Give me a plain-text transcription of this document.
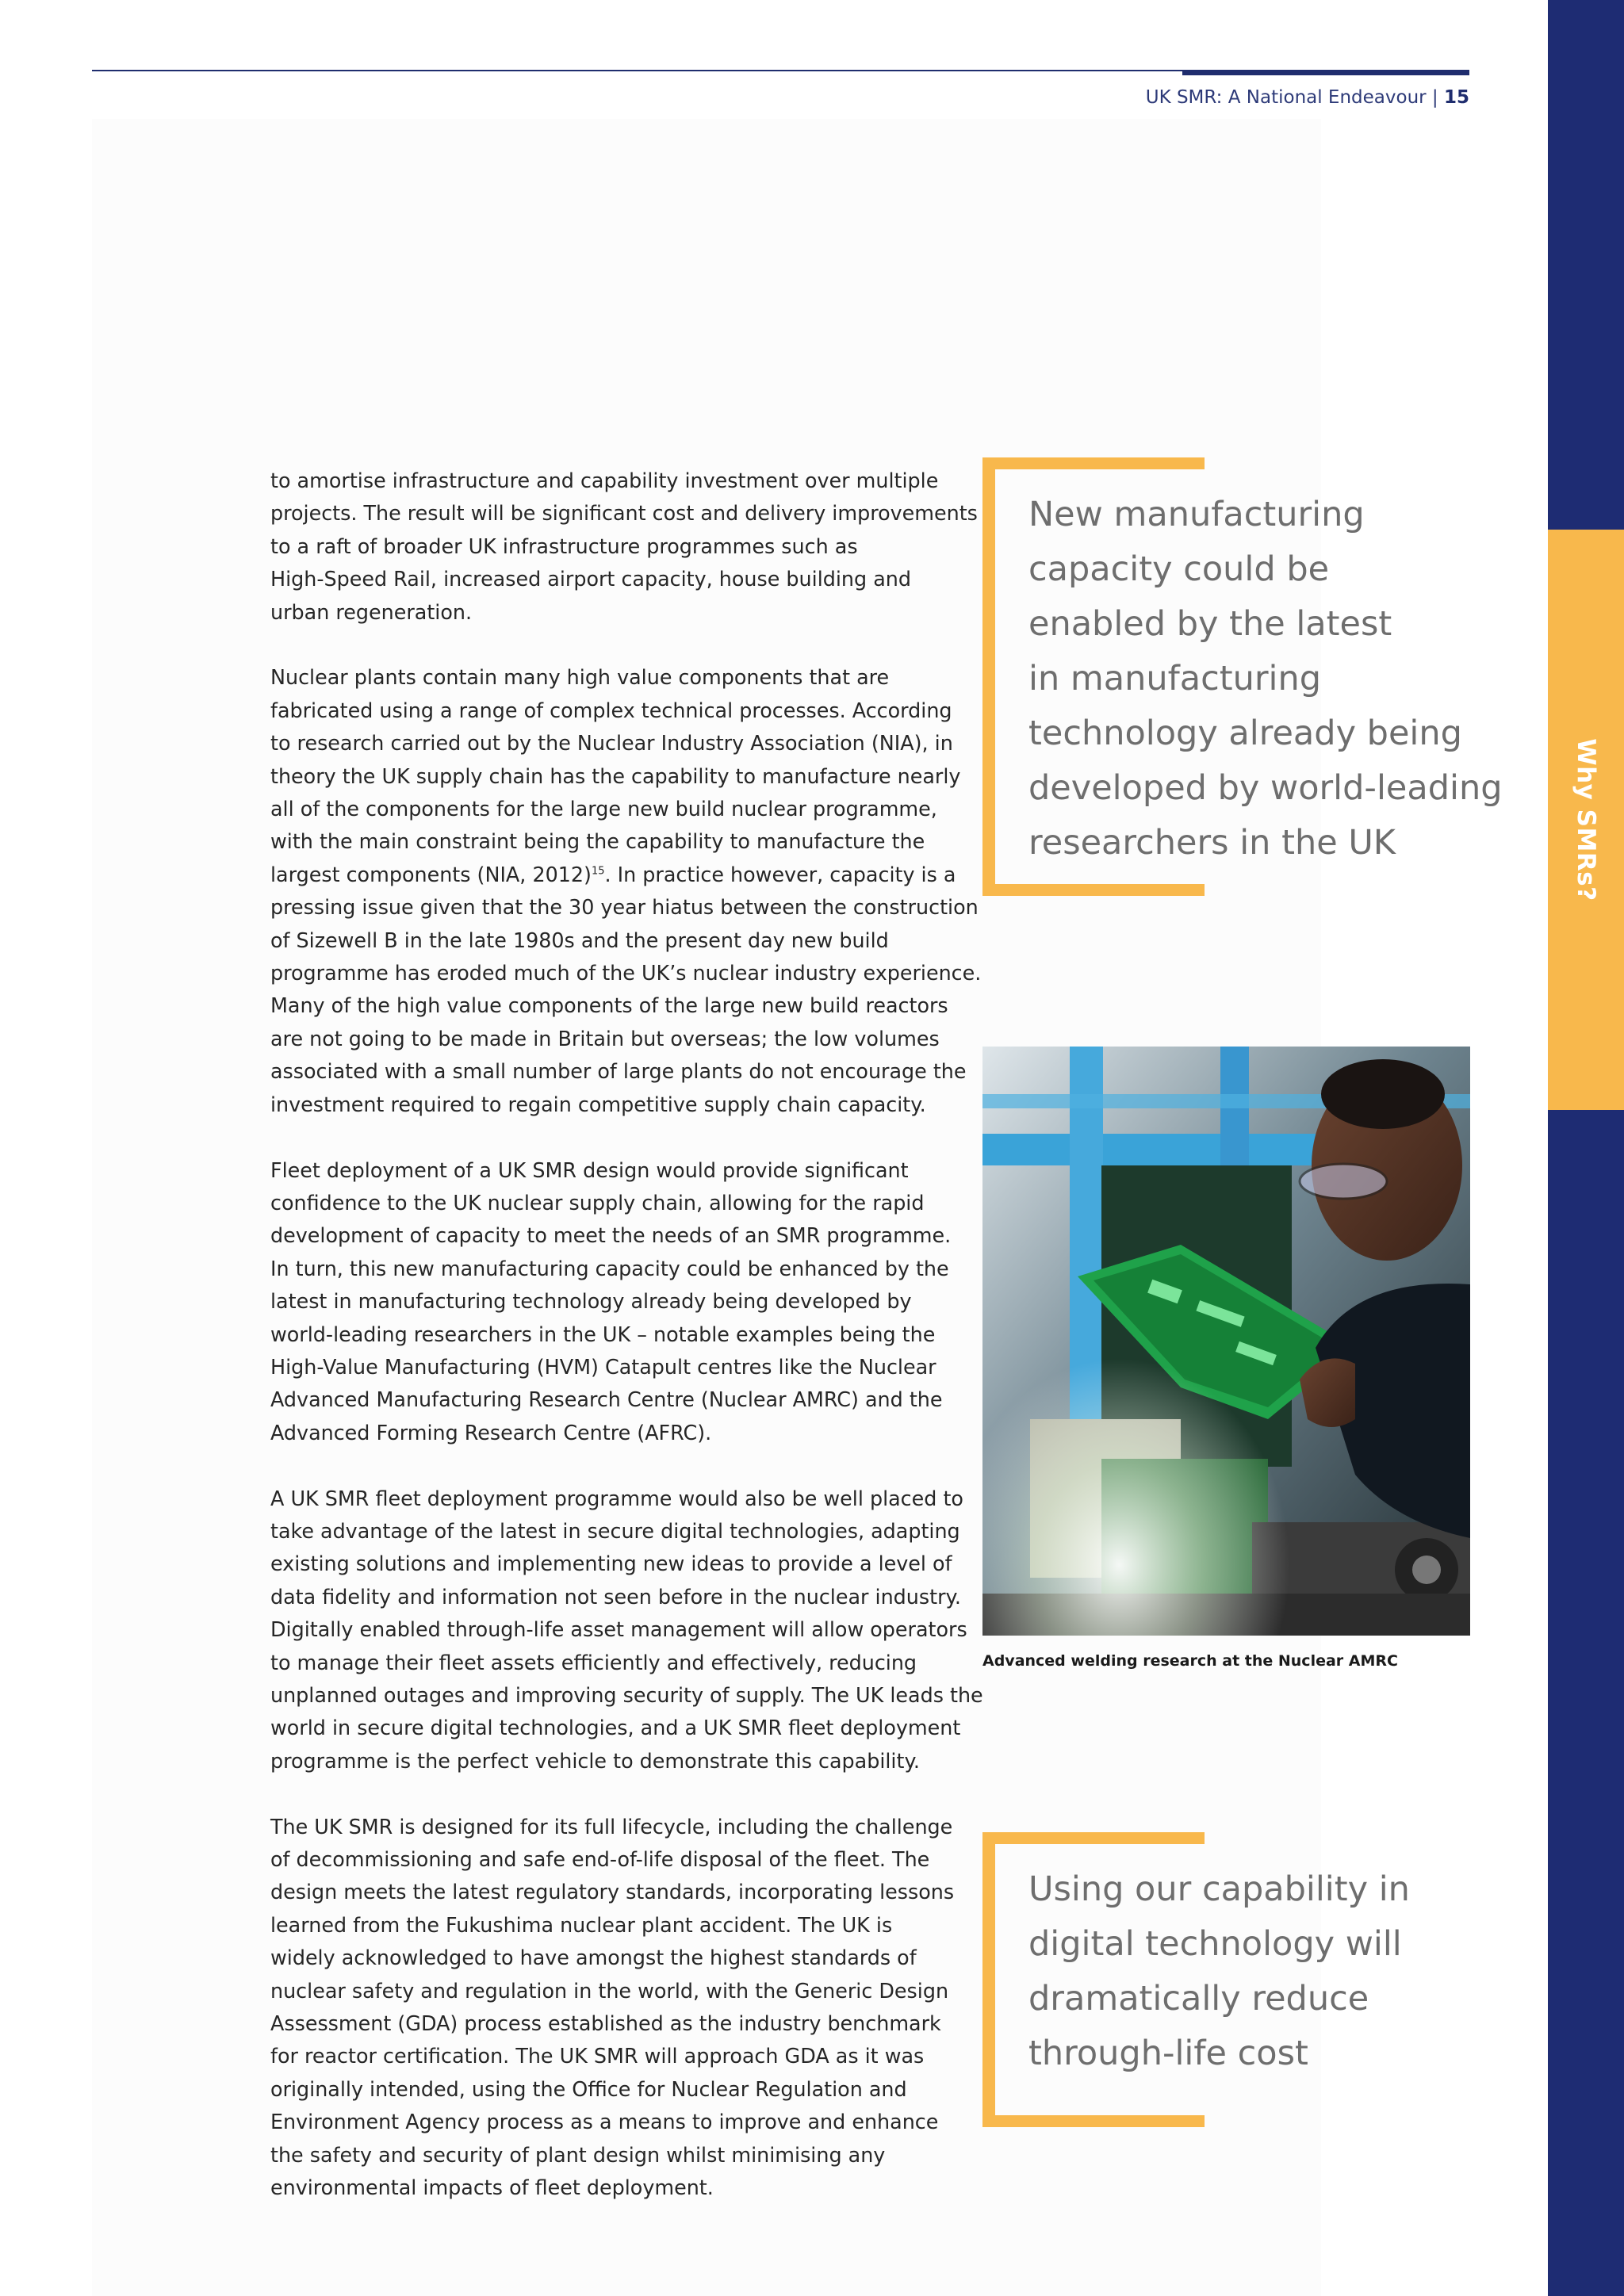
UK SMR: A National Endeavour | 15
Why SMRs?

to amortise infrastructure and capability investment over multiple
projects. The result will be significant cost and delivery improvements
to a raft of broader UK infrastructure programmes such as
High-Speed Rail, increased airport capacity, house building and
urban regeneration.

Nuclear plants contain many high value components that are
fabricated using a range of complex technical processes. According
to research carried out by the Nuclear Industry Association (NIA), in
theory the UK supply chain has the capability to manufacture nearly
all of the components for the large new build nuclear programme,
with the main constraint being the capability to manufacture the
largest components (NIA, 2012)$^{15}$. In practice however, capacity is a
pressing issue given that the 30 year hiatus between the construction
of Sizewell B in the late 1980s and the present day new build
programme has eroded much of the UK’s nuclear industry experience.
Many of the high value components of the large new build reactors
are not going to be made in Britain but overseas; the low volumes
associated with a small number of large plants do not encourage the
investment required to regain competitive supply chain capacity.

Fleet deployment of a UK SMR design would provide significant
confidence to the UK nuclear supply chain, allowing for the rapid
development of capacity to meet the needs of an SMR programme.
In turn, this new manufacturing capacity could be enhanced by the
latest in manufacturing technology already being developed by
world-leading researchers in the UK – notable examples being the
High-Value Manufacturing (HVM) Catapult centres like the Nuclear
Advanced Manufacturing Research Centre (Nuclear AMRC) and the
Advanced Forming Research Centre (AFRC).

A UK SMR fleet deployment programme would also be well placed to
take advantage of the latest in secure digital technologies, adapting
existing solutions and implementing new ideas to provide a level of
data fidelity and information not seen before in the nuclear industry.
Digitally enabled through-life asset management will allow operators
to manage their fleet assets efficiently and effectively, reducing
unplanned outages and improving security of supply. The UK leads the
world in secure digital technologies, and a UK SMR fleet deployment
programme is the perfect vehicle to demonstrate this capability.

The UK SMR is designed for its full lifecycle, including the challenge
of decommissioning and safe end-of-life disposal of the fleet. The
design meets the latest regulatory standards, incorporating lessons
learned from the Fukushima nuclear plant accident. The UK is
widely acknowledged to have amongst the highest standards of
nuclear safety and regulation in the world, with the Generic Design
Assessment (GDA) process established as the industry benchmark
for reactor certification. The UK SMR will approach GDA as it was
originally intended, using the Office for Nuclear Regulation and
Environment Agency process as a means to improve and enhance
the safety and security of plant design whilst minimising any
environmental impacts of fleet deployment.

New manufacturing
capacity could be
enabled by the latest
in manufacturing
technology already being
developed by world-leading
researchers in the UK
Advanced welding research at the Nuclear AMRC
Using our capability in
digital technology will
dramatically reduce
through-life cost
